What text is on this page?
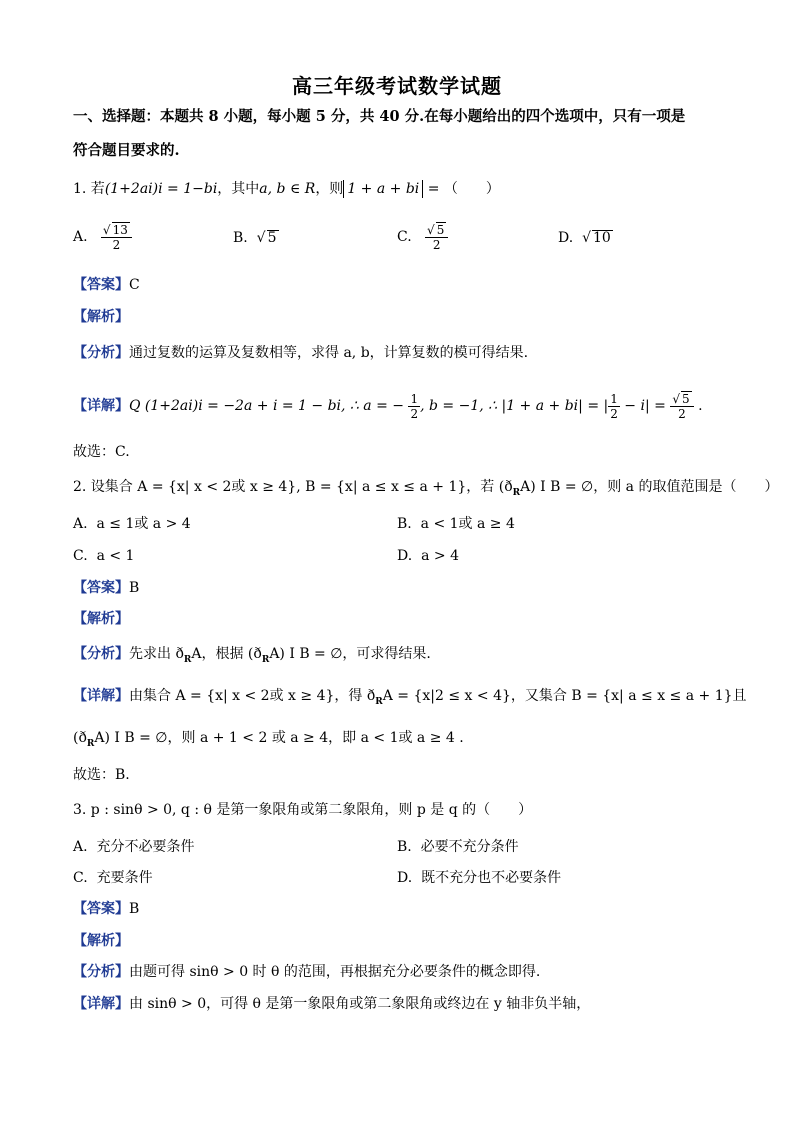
高三年级考试数学试题
一、选择题：本题共 8 小题，每小题 5 分，共 40 分.在每小题给出的四个选项中，只有一项是
符合题目要求的.
1. 若(1+2ai)i = 1−bi，其中a, b ∈ R，则 1 + a + bi = （　　）
A. $\frac{√ 13}{2}$	B.  √ 5	C. $\frac{√ 5}{2}$	D.  √ 10
【答案】C
【解析】
【分析】通过复数的运算及复数相等，求得 a, b，计算复数的模可得结果.
【详解】Q (1+2ai)i = −2a + i = 1 − bi, ∴ a = − $\frac{1}{2}$ , b = −1, ∴ |1 + a + bi| = | $\frac{1}{2} - i| = \frac{√ 5}{2}$ .
故选：C.
2. 设集合 A = {x| x < 2或 x ≥ 4}, B = {x| a ≤ x ≤ a + 1}，若 $(ð_RA)$ I B = ∅，则 a 的取值范围是（　　）
A. a ≤ 1或 a > 4	B. a < 1或 a ≥ 4
C. a < 1	D. a > 4
【答案】B
【解析】
【分析】先求出 $ð_RA$，根据 $(ð_RA)$ I B = ∅，可求得结果.
【详解】由集合 A = {x| x < 2或 x ≥ 4}，得 $ð_RA = \{x|2 \le x < 4\}$，又集合 B = {x| a ≤ x ≤ a + 1}且
$(ð_RA)$ I B = ∅，则 a + 1 < 2 或 a ≥ 4，即 a < 1或 a ≥ 4 .
故选：B.
3. p : sinθ > 0, q : θ 是第一象限角或第二象限角，则 p 是 q 的（　　）
A. 充分不必要条件	B. 必要不充分条件
C. 充要条件	D. 既不充分也不必要条件
【答案】B
【解析】
【分析】由题可得 sinθ > 0 时 θ 的范围，再根据充分必要条件的概念即得.
【详解】由 sinθ > 0，可得 θ 是第一象限角或第二象限角或终边在 y 轴非负半轴，
